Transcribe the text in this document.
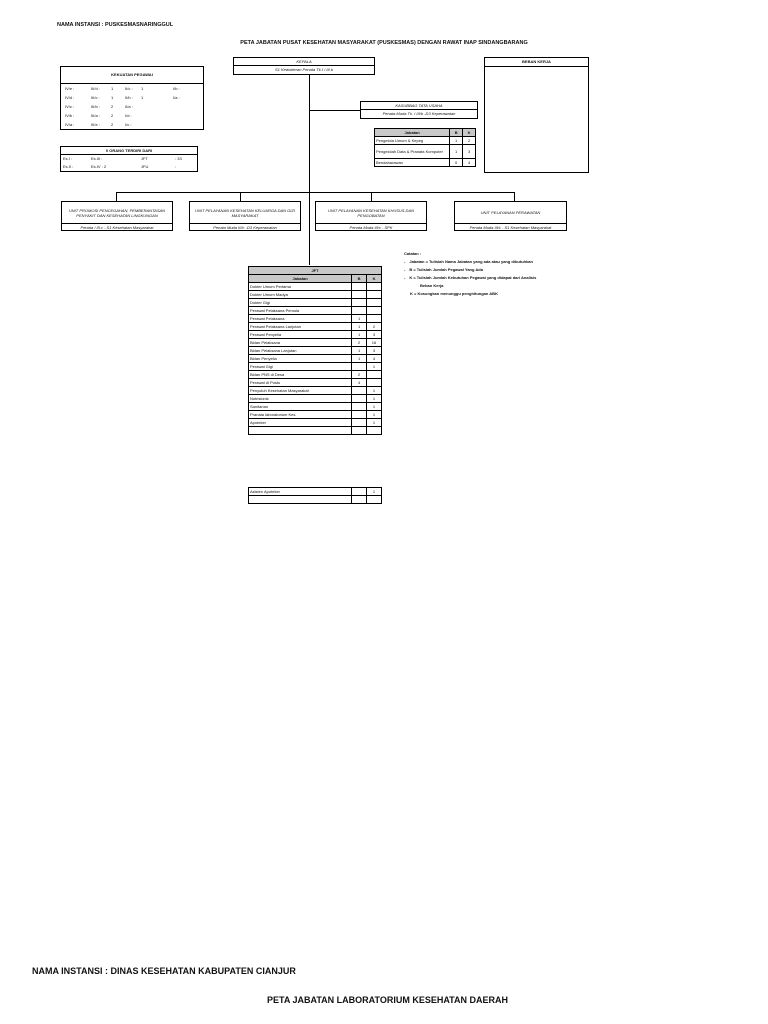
NAMA INSTANSI : PUSKESMASNARINGGUL
PETA JABATAN PUSAT KESEHATAN MASYARAKAT (PUSKESMAS) DENGAN RAWAT INAP SINDANGBARANG
KEPALA
S1 Kedokteran Penata Tk.I / III.b
BEBAN KERJA
KEKUATAN PEGAWAI
IV/e :	III/d :	1	II/c : 1	I/b :
IV/d :	III/c :	1	II/b : 1	I/a :
IV/c :	III/b :	2	II/a :
IV/b :	III/a :	2	I/d :
IV/a :	III/e :	2	I/c :
0 ORANG TERDIRI DARI
Es.I :	Es.III :	JFT	: 33
Es.II :	Es.IV : 2	JFU	:
KASUBBAG TATA USAHA
Penata Muda Tk. I III/b -D3 Keperawatan
Jabatan	B	K
Pengelola Umum & Kepeg	1	2
Pengelolah Data & Pranata Komputer	1	3
Bendaharawan	0	4
UNIT PROMOSI PENCEGAHAN, PEMBERANTASAN PENYAKIT DAN KESEHATAN LINGKUNGAN
Penata / III.c - S1 Kesehatan Masyarakat
UNIT PELAYANAN KESEHATAN KELUARGA DAN GIZI MASYARAKAT
Penata Muda III/c -D3 Keperawatan
UNIT PELAYANAN KESEHATAN KHUSUS DAN PENGOBATAN
Penata Muda III/c - SPK
UNIT PELAYANAN PERAWATAN
Penata Muda III/c - S1 Kesehatan Masyarakat
Catatan :
- Jabatan = Tulislah Nama Jabatan yang ada atau yang dibutuhkan
- B = Tulislah Jumlah Pegawai Yang Ada
- K = Tulislah Jumlah Kebutuhan Pegawai yang didapat dari Analisis
Beban Kerja
K = Kosongkan menunggu penghitungan ABK
JFT		
Jabatan	B	K
Dokter Umum Pertama		
Dokter Umum Madya		
Dokter Gigi		
Perawat Pelaksana Pemula		
Perawat Pelaksana	1	
Perawat Pelaksana Lanjutan	1	2
Perawat Penyelia	1	3
Bidan Pelaksana	2	16
Bidan Pelaksana Lanjutan	1	3
Bidan Penyelia	1	4
Perawat Gigi		1
Bidan PNS di Desa	2	
Perawat di Pustu	4	
Penyuluh Kesehatan Masyarakat		1
Nutrisionis		1
Sanitarian		1
Pranata laboratorium Kes.		1
Apoteker		1

Asisten Apoteker		1

NAMA INSTANSI : DINAS KESEHATAN KABUPATEN CIANJUR
PETA JABATAN LABORATORIUM KESEHATAN DAERAH
